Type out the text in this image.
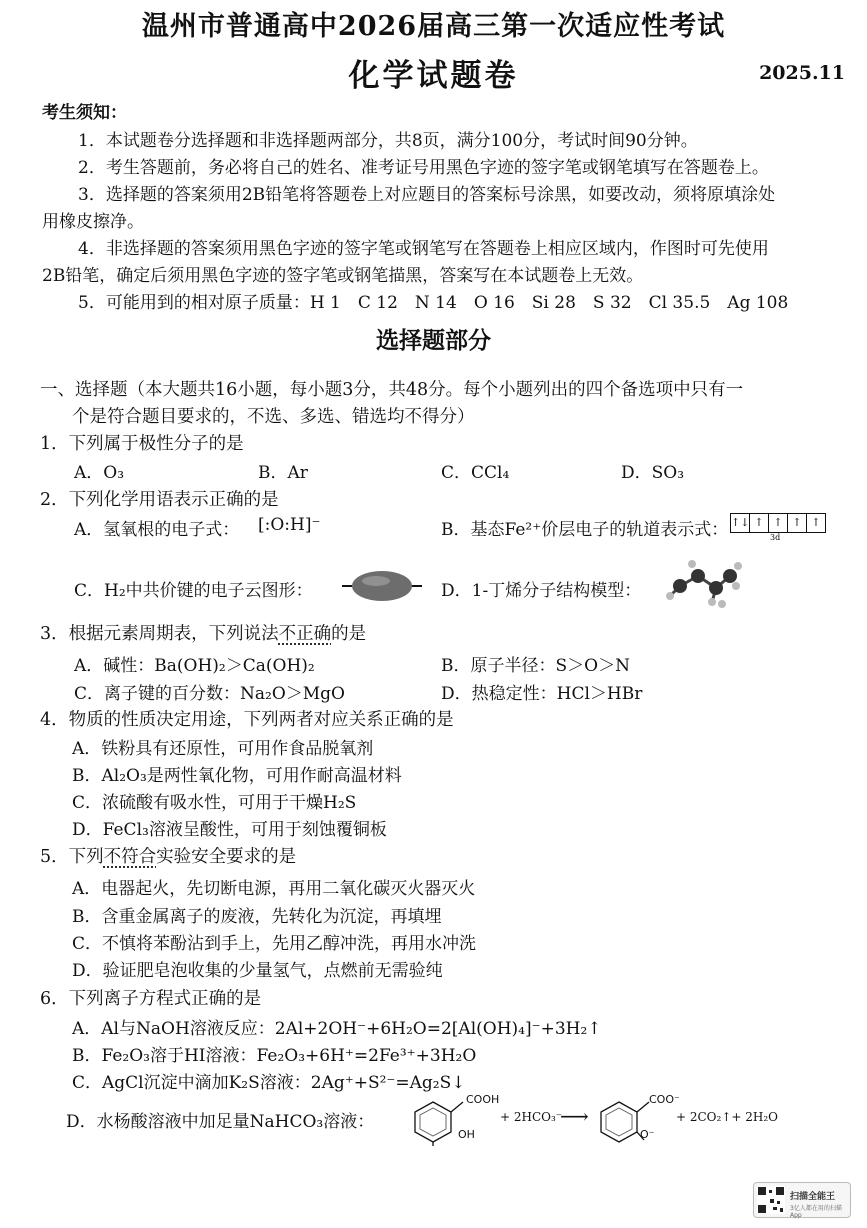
温州市普通高中2026届高三第一次适应性考试
化学试题卷	2025.11
考生须知：
1．本试题卷分选择题和非选择题两部分，共8页，满分100分，考试时间90分钟。
2．考生答题前，务必将自己的姓名、准考证号用黑色字迹的签字笔或钢笔填写在答题卷上。
3．选择题的答案须用2B铅笔将答题卷上对应题目的答案标号涂黑，如要改动，须将原填涂处
用橡皮擦净。
4．非选择题的答案须用黑色字迹的签字笔或钢笔写在答题卷上相应区域内，作图时可先使用
2B铅笔，确定后须用黑色字迹的签字笔或钢笔描黑，答案写在本试题卷上无效。
5．可能用到的相对原子质量：H 1　C 12　N 14　O 16　Si 28　S 32　Cl 35.5　Ag 108
选择题部分
一、选择题（本大题共16小题，每小题3分，共48分。每个小题列出的四个备选项中只有一
个是符合题目要求的，不选、多选、错选均不得分）
1．下列属于极性分子的是
A．O₃	B．Ar	C．CCl₄	D．SO₃
2．下列化学用语表示正确的是
A．氢氧根的电子式： [:O:H]⁻	B．基态Fe²⁺价层电子的轨道表示式： ↑↓ ↑ ↑ ↑ ↑
3d
C．H₂中共价键的电子云图形：	D．1-丁烯分子结构模型：
3．根据元素周期表，下列说法不正确的是
A．碱性：Ba(OH)₂＞Ca(OH)₂	B．原子半径：S＞O＞N
C．离子键的百分数：Na₂O＞MgO	D．热稳定性：HCl＞HBr
4．物质的性质决定用途，下列两者对应关系正确的是
A．铁粉具有还原性，可用作食品脱氧剂
B．Al₂O₃是两性氧化物，可用作耐高温材料
C．浓硫酸有吸水性，可用于干燥H₂S
D．FeCl₃溶液呈酸性，可用于刻蚀覆铜板
5．下列不符合实验安全要求的是
A．电器起火，先切断电源，再用二氧化碳灭火器灭火
B．含重金属离子的废液，先转化为沉淀，再填埋
C．不慎将苯酚沾到手上，先用乙醇冲洗，再用水冲洗
D．验证肥皂泡收集的少量氢气，点燃前无需验纯
6．下列离子方程式正确的是
A．Al与NaOH溶液反应：2Al+2OH⁻+6H₂O=2[Al(OH)₄]⁻+3H₂↑
B．Fe₂O₃溶于HI溶液：Fe₂O₃+6H⁺=2Fe³⁺+3H₂O
C．AgCl沉淀中滴加K₂S溶液：2Ag⁺+S²⁻=Ag₂S↓
D．水杨酸溶液中加足量NaHCO₃溶液：
COOH
OH
+ 2HCO₃⁻
⟶
COO⁻
O⁻
+ 2CO₂↑+ 2H₂O
扫描全能王
3亿人都在用的扫描App
